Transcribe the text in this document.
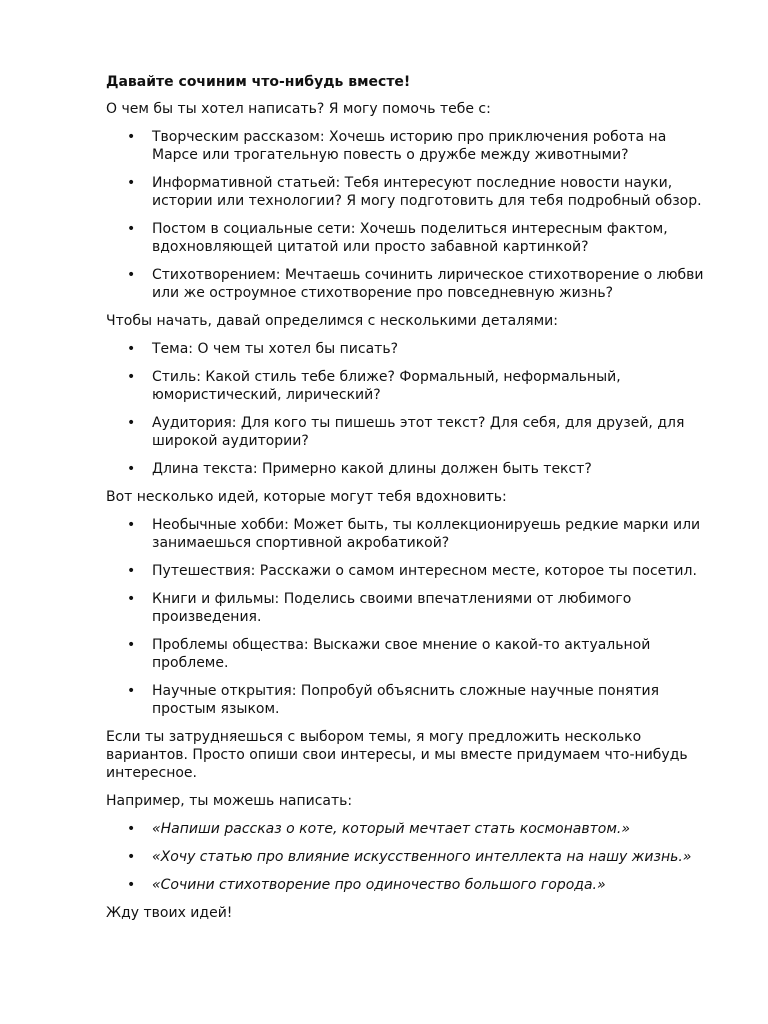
Давайте сочиним что-нибудь вместе!

О чем бы ты хотел написать? Я могу помочь тебе с:

• Творческим рассказом: Хочешь историю про приключения робота на Марсе или трогательную повесть о дружбе между животными?
• Информативной статьей: Тебя интересуют последние новости науки, истории или технологии? Я могу подготовить для тебя подробный обзор.
• Постом в социальные сети: Хочешь поделиться интересным фактом, вдохновляющей цитатой или просто забавной картинкой?
• Стихотворением: Мечтаешь сочинить лирическое стихотворение о любви или же остроумное стихотворение про повседневную жизнь?

Чтобы начать, давай определимся с несколькими деталями:

• Тема: О чем ты хотел бы писать?
• Стиль: Какой стиль тебе ближе? Формальный, неформальный, юмористический, лирический?
• Аудитория: Для кого ты пишешь этот текст? Для себя, для друзей, для широкой аудитории?
• Длина текста: Примерно какой длины должен быть текст?

Вот несколько идей, которые могут тебя вдохновить:

• Необычные хобби: Может быть, ты коллекционируешь редкие марки или занимаешься спортивной акробатикой?
• Путешествия: Расскажи о самом интересном месте, которое ты посетил.
• Книги и фильмы: Поделись своими впечатлениями от любимого произведения.
• Проблемы общества: Выскажи свое мнение о какой-то актуальной проблеме.
• Научные открытия: Попробуй объяснить сложные научные понятия простым языком.

Если ты затрудняешься с выбором темы, я могу предложить несколько вариантов. Просто опиши свои интересы, и мы вместе придумаем что-нибудь интересное.

Например, ты можешь написать:

• «Напиши рассказ о коте, который мечтает стать космонавтом.»
• «Хочу статью про влияние искусственного интеллекта на нашу жизнь.»
• «Сочини стихотворение про одиночество большого города.»

Жду твоих идей!
